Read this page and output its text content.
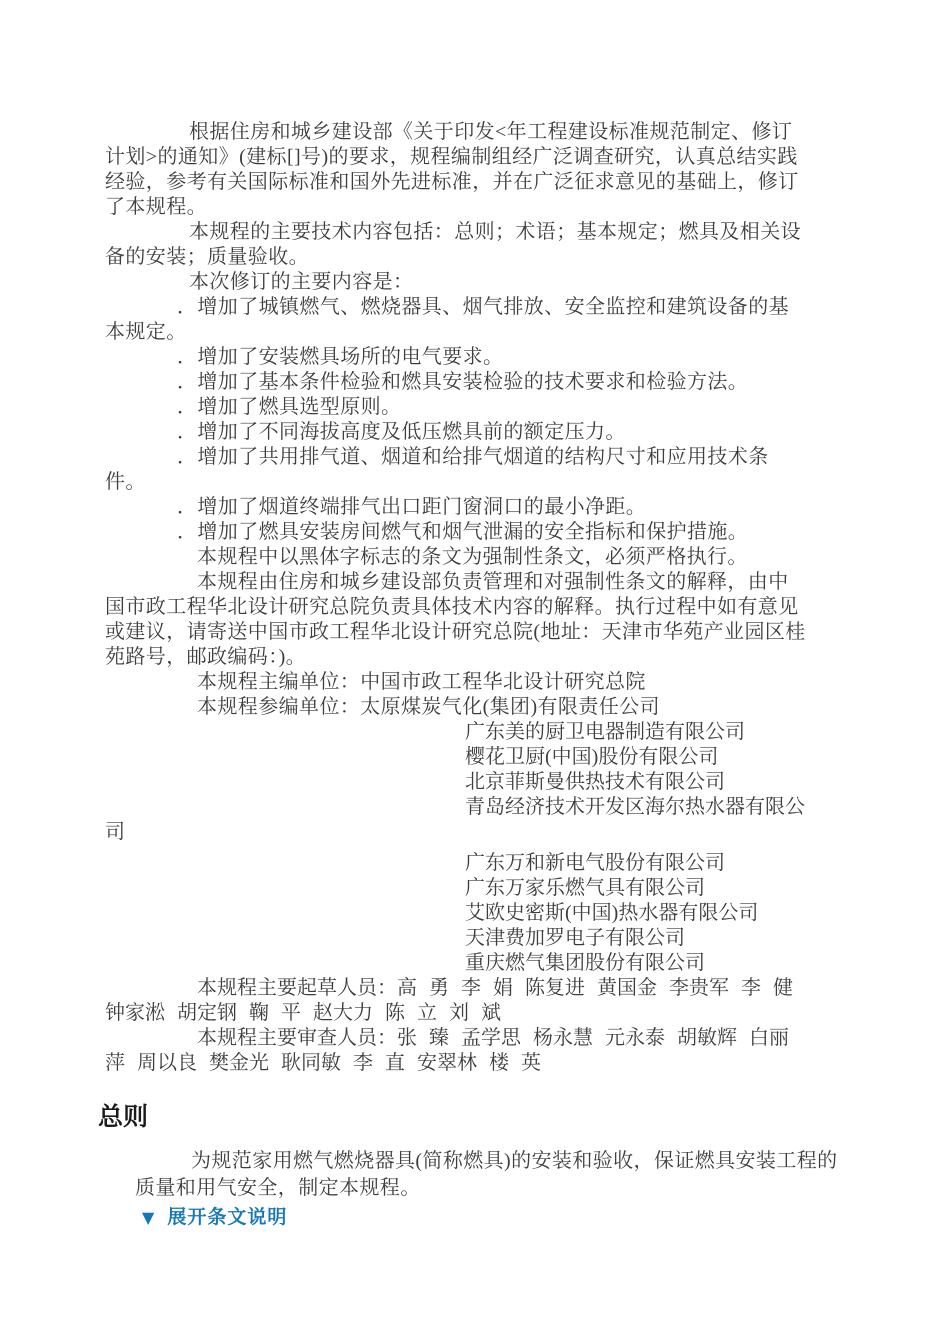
根据住房和城乡建设部《关于印发<年工程建设标准规范制定、修订计划>的通知》(建标[]号)的要求，规程编制组经广泛调查研究，认真总结实践经验，参考有关国际标准和国外先进标准，并在广泛征求意见的基础上，修订了本规程。
本规程的主要技术内容包括：总则；术语；基本规定；燃具及相关设备的安装；质量验收。
本次修订的主要内容是：
．增加了城镇燃气、燃烧器具、烟气排放、安全监控和建筑设备的基本规定。
．增加了安装燃具场所的电气要求。
．增加了基本条件检验和燃具安装检验的技术要求和检验方法。
．增加了燃具选型原则。
．增加了不同海拔高度及低压燃具前的额定压力。
．增加了共用排气道、烟道和给排气烟道的结构尺寸和应用技术条件。
．增加了烟道终端排气出口距门窗洞口的最小净距。
．增加了燃具安装房间燃气和烟气泄漏的安全指标和保护措施。
本规程中以黑体字标志的条文为强制性条文，必须严格执行。
本规程由住房和城乡建设部负责管理和对强制性条文的解释，由中国市政工程华北设计研究总院负责具体技术内容的解释。执行过程中如有意见或建议，请寄送中国市政工程华北设计研究总院(地址：天津市华苑产业园区桂苑路号，邮政编码：)。
本规程主编单位：中国市政工程华北设计研究总院
本规程参编单位：太原煤炭气化(集团)有限责任公司
广东美的厨卫电器制造有限公司
樱花卫厨(中国)股份有限公司
北京菲斯曼供热技术有限公司
青岛经济技术开发区海尔热水器有限公司
广东万和新电气股份有限公司
广东万家乐燃气具有限公司
艾欧史密斯(中国)热水器有限公司
天津费加罗电子有限公司
重庆燃气集团股份有限公司
本规程主要起草人员：高 勇 李 娟 陈复进 黄国金 李贵军 李 健
钟家淞 胡定钢 鞠 平 赵大力 陈 立 刘 斌
本规程主要审查人员：张 臻 孟学思 杨永慧 元永泰 胡敏辉 白丽
萍 周以良 樊金光 耿同敏 李 直 安翠林 楼 英
总则
为规范家用燃气燃烧器具(简称燃具)的安装和验收，保证燃具安装工程的质量和用气安全，制定本规程。
▼ 展开条文说明
